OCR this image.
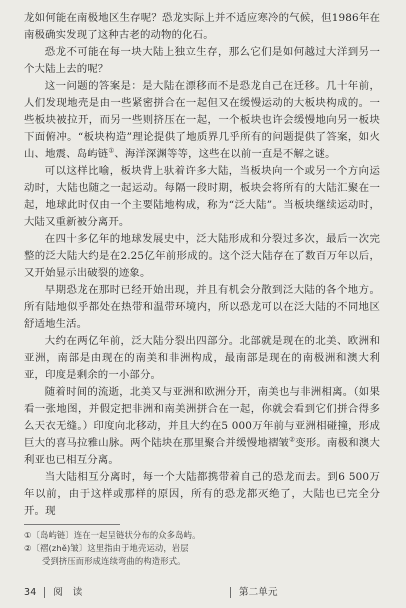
龙如何能在南极地区生存呢？恐龙实际上并不适应寒冷的气候，但1986年在南极确实发现了这种古老的动物的化石。

恐龙不可能在每一块大陆上独立生存，那么它们是如何越过大洋到另一个大陆上去的呢？

这一问题的答案是：是大陆在漂移而不是恐龙自己在迁移。几十年前，人们发现地壳是由一些紧密拼合在一起但又在缓慢运动的大板块构成的。一些板块被拉开，而另一些则挤压在一起，一个板块也许会缓慢地向另一板块下面俯冲。“板块构造”理论提供了地质界几乎所有的问题提供了答案，如火山、地震、岛屿链①、海洋深渊等等，这些在以前一直是不解之谜。

可以这样比喻，板块背上驮着许多大陆，当板块向一个或另一个方向运动时，大陆也随之一起运动。每隔一段时期，板块会将所有的大陆汇聚在一起，地球此时仅由一个主要陆地构成，称为“泛大陆”。当板块继续运动时，大陆又重新被分离开。

在四十多亿年的地球发展史中，泛大陆形成和分裂过多次，最后一次完整的泛大陆大约是在2.25亿年前形成的。这个泛大陆存在了数百万年以后，又开始显示出破裂的迹象。

早期恐龙在那时已经开始出现，并且有机会分散到泛大陆的各个地方。所有陆地似乎都处在热带和温带环境内，所以恐龙可以在泛大陆的不同地区舒适地生活。

大约在两亿年前，泛大陆分裂出四部分。北部就是现在的北美、欧洲和亚洲，南部是由现在的南美和非洲构成，最南部是现在的南极洲和澳大利亚，印度是剩余的一小部分。

随着时间的流逝，北美又与亚洲和欧洲分开，南美也与非洲相离。（如果看一张地图，并假定把非洲和南美洲拼合在一起，你就会看到它们拼合得多么天衣无缝。）印度向北移动，并且大约在5 000万年前与亚洲相碰撞，形成巨大的喜马拉雅山脉。两个陆块在那里聚合并缓慢地褶皱②变形。南极和澳大利亚也已相互分离。

当大陆相互分离时，每一个大陆都携带着自己的恐龙而去。到6 500万年以前，由于这样或那样的原因，所有的恐龙都灭绝了，大陆也已完全分开。现

①〔岛屿链〕连在一起呈链状分布的众多岛屿。

②〔褶(zhě)皱〕这里指由于地壳运动，岩层

受到挤压而形成连续弯曲的构造形式。

34 阅　读	第二单元
